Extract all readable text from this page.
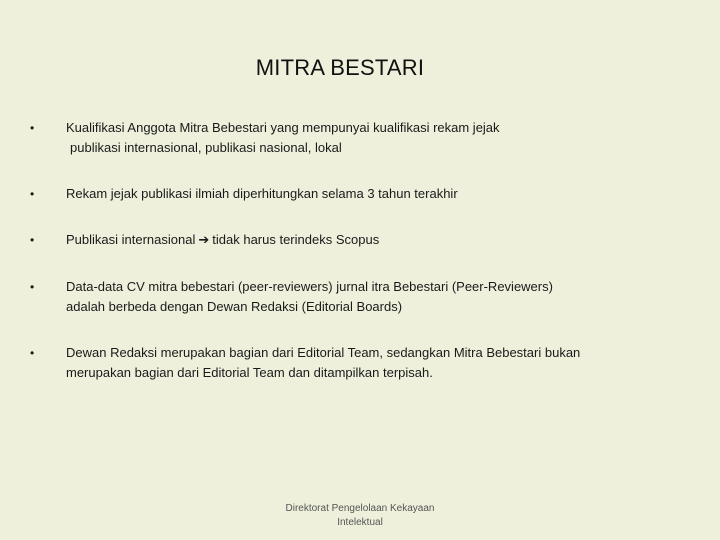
MITRA BESTARI
•	Kualifikasi Anggota Mitra Bebestari yang mempunyai kualifikasi rekam jejak
publikasi internasional, publikasi nasional, lokal
•	Rekam jejak publikasi ilmiah diperhitungkan selama 3 tahun terakhir
•	Publikasi internasional ➔ tidak harus terindeks Scopus
•	Data-data CV mitra bebestari (peer-reviewers) jurnal itra Bebestari (Peer-Reviewers)
adalah berbeda dengan Dewan Redaksi (Editorial Boards)
•	Dewan Redaksi merupakan bagian dari Editorial Team, sedangkan Mitra Bebestari bukan
merupakan bagian dari Editorial Team dan ditampilkan terpisah.
Direktorat Pengelolaan Kekayaan
Intelektual
